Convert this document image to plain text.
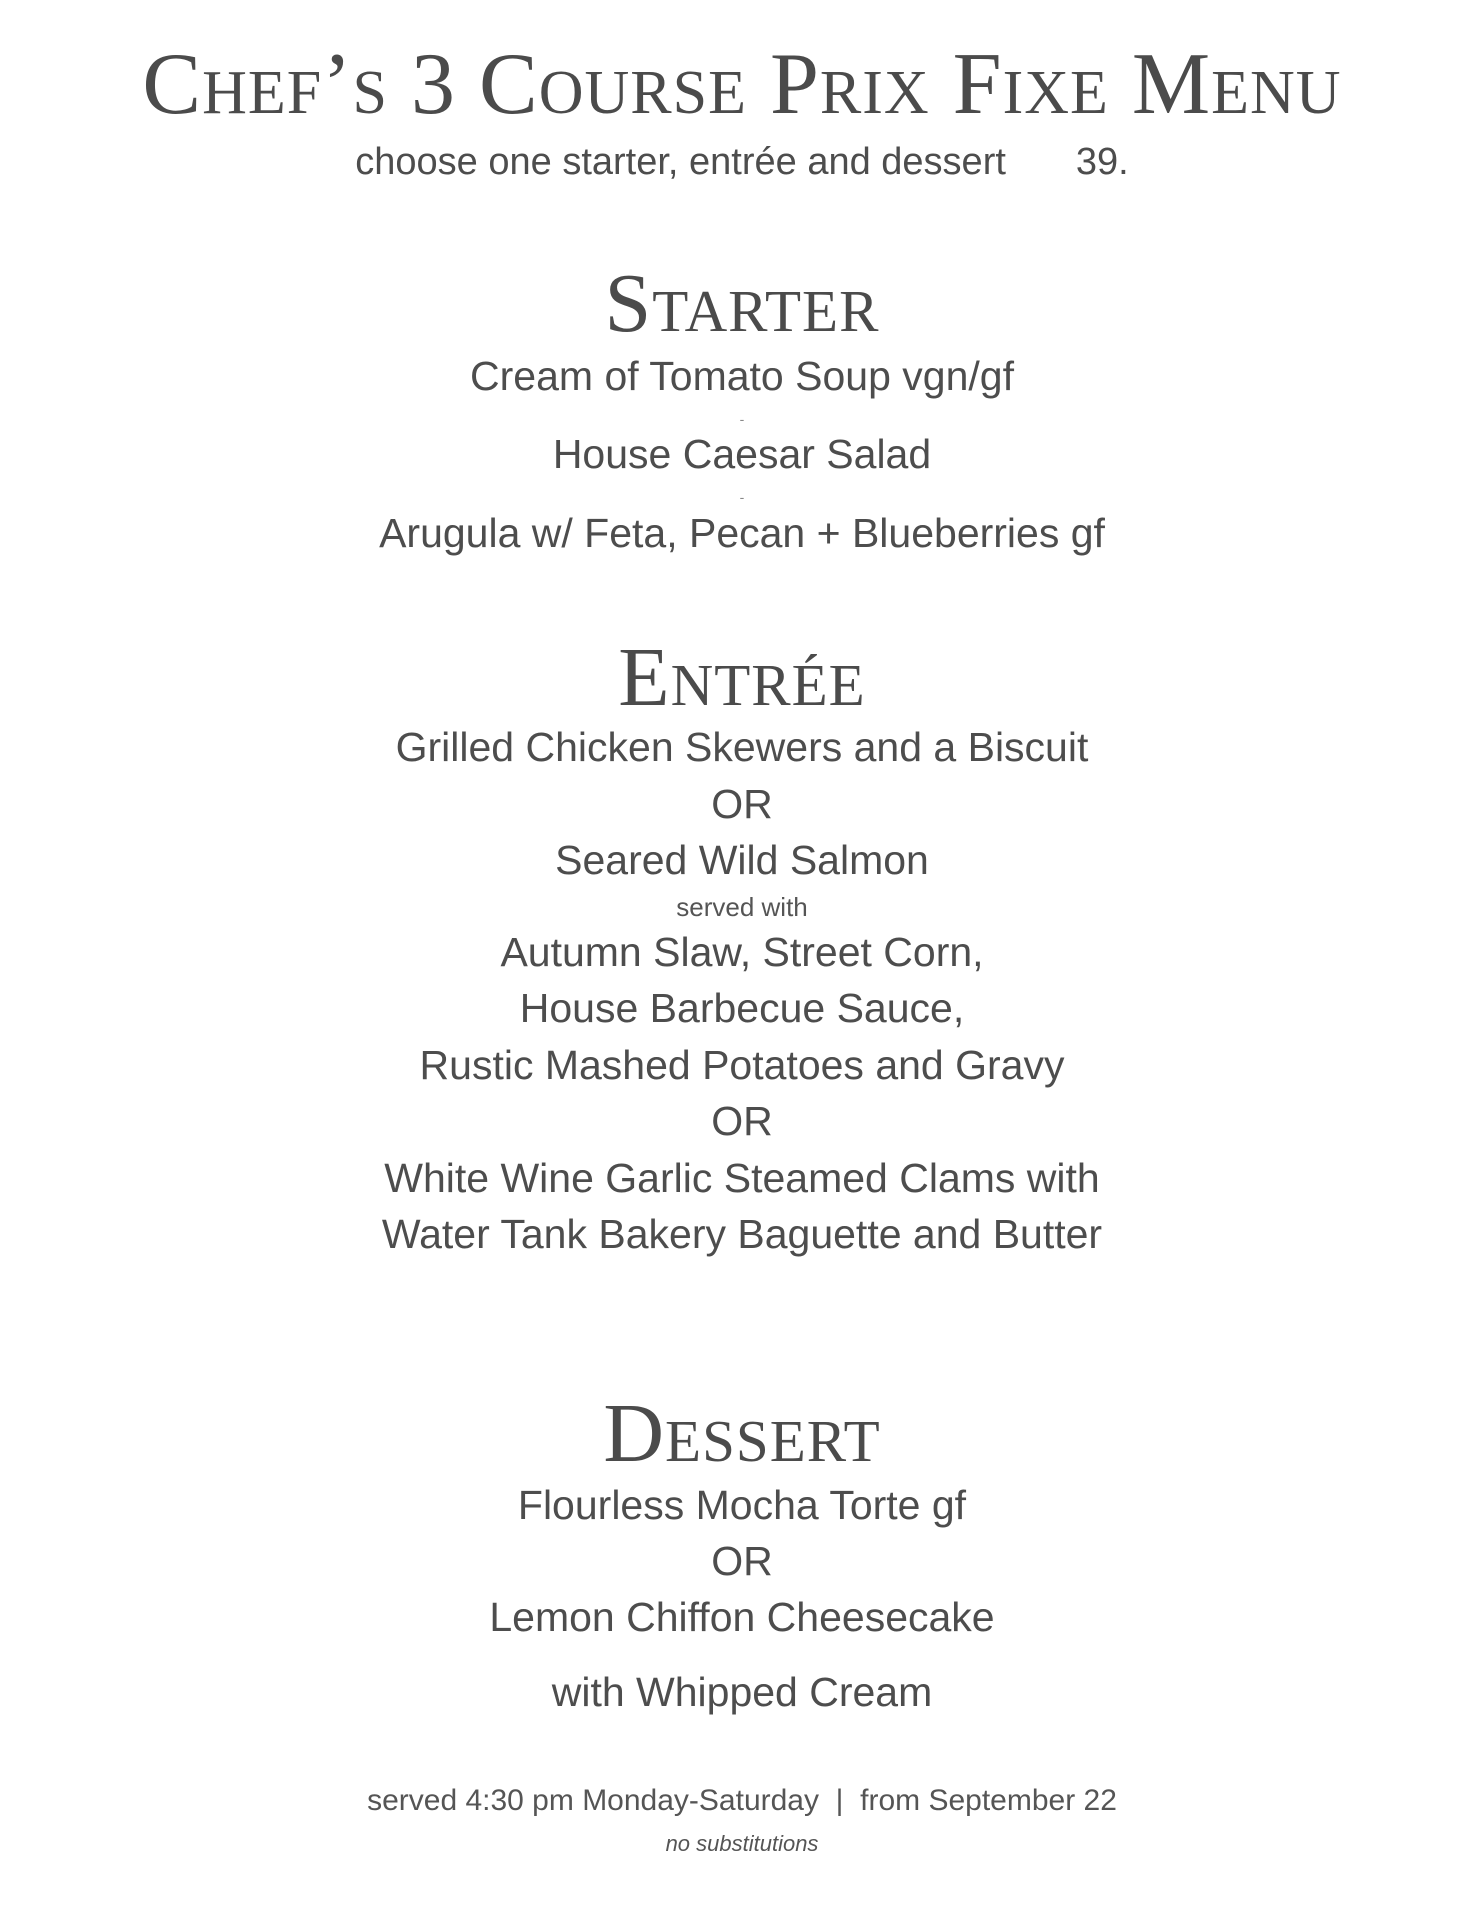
Chef’s 3 Course Prix Fixe Menu
choose one starter, entrée and dessert 39.
Starter
Cream of Tomato Soup vgn/gf
-
House Caesar Salad
-
Arugula w/ Feta, Pecan + Blueberries gf
Entrée
Grilled Chicken Skewers and a Biscuit
OR
Seared Wild Salmon
served with
Autumn Slaw, Street Corn,
House Barbecue Sauce,
Rustic Mashed Potatoes and Gravy
OR
White Wine Garlic Steamed Clams with
Water Tank Bakery Baguette and Butter
Dessert
Flourless Mocha Torte gf
OR
Lemon Chiffon Cheesecake
with Whipped Cream
served 4:30 pm Monday-Saturday  |  from September 22
no substitutions
